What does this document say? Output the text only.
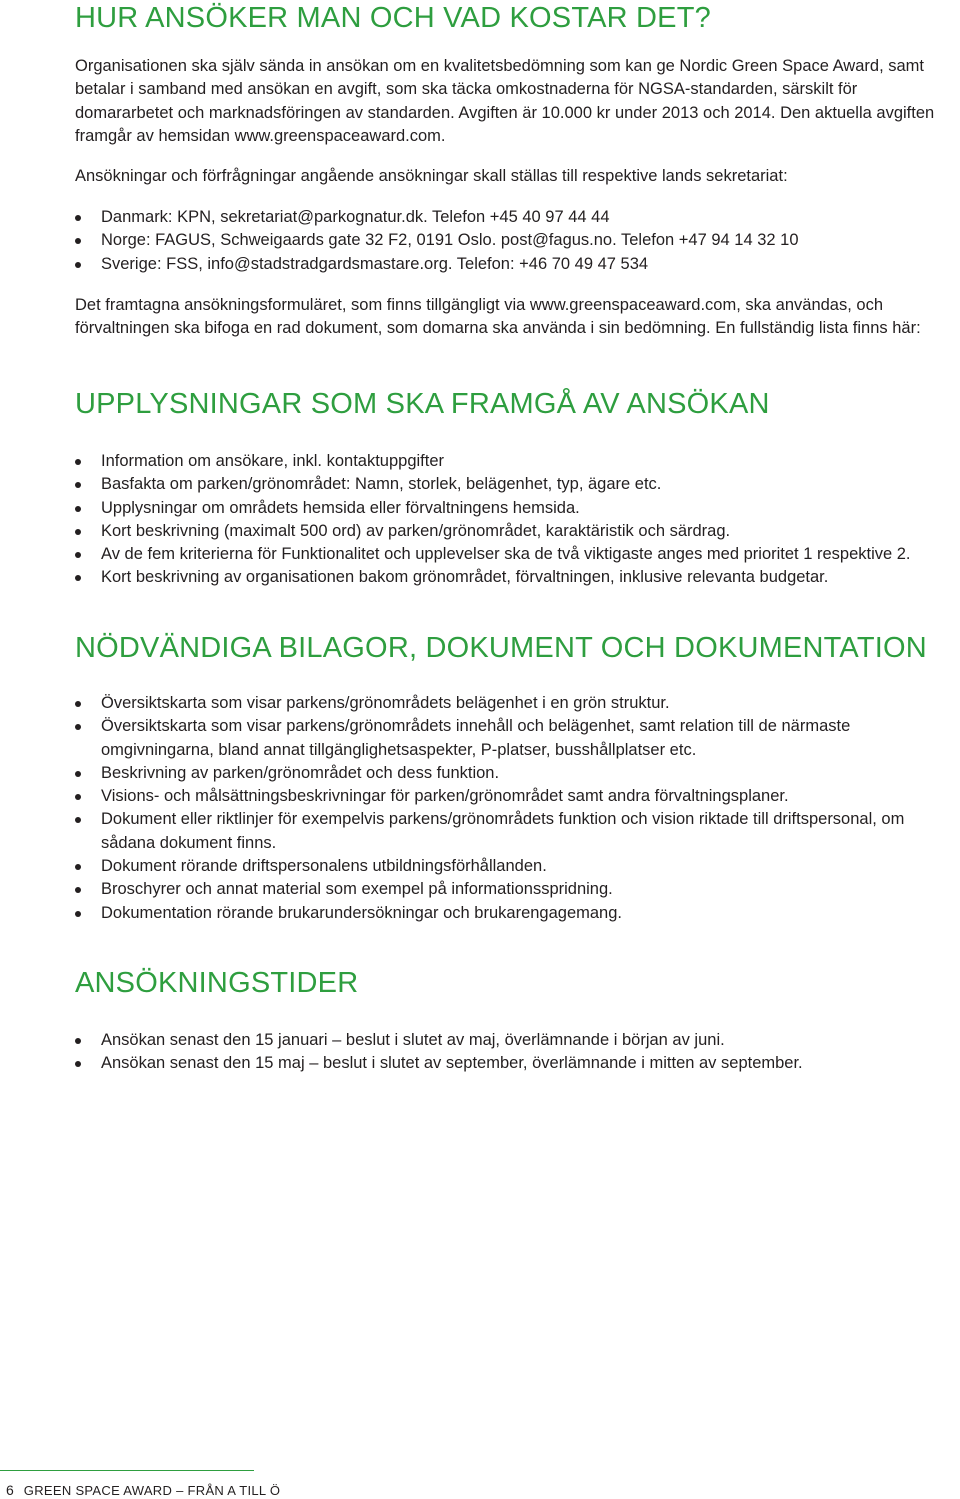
HUR ANSÖKER MAN OCH VAD KOSTAR DET?

Organisationen ska själv sända in ansökan om en kvalitetsbedömning som kan ge Nordic Green Space Award, samt betalar i samband med ansökan en avgift, som ska täcka omkostnaderna för NGSA-standarden, särskilt för domararbetet och marknadsföringen av standarden. Avgiften är 10.000 kr under 2013 och 2014. Den aktuella avgiften framgår av hemsidan www.greenspaceaward.com.

Ansökningar och förfrågningar angående ansökningar skall ställas till respektive lands sekretariat:

Danmark: KPN, sekretariat@parkognatur.dk. Telefon +45 40 97 44 44
Norge: FAGUS, Schweigaards gate 32 F2, 0191 Oslo. post@fagus.no. Telefon +47 94 14 32 10
Sverige: FSS, info@stadstradgardsmastare.org. Telefon: +46 70 49 47 534

Det framtagna ansökningsformuläret, som finns tillgängligt via www.greenspaceaward.com, ska användas, och förvaltningen ska bifoga en rad dokument, som domarna ska använda i sin bedömning. En fullständig lista finns här:

UPPLYSNINGAR SOM SKA FRAMGÅ AV ANSÖKAN
Information om ansökare, inkl. kontaktuppgifter
Basfakta om parken/grönområdet: Namn, storlek, belägenhet, typ, ägare etc.
Upplysningar om områdets hemsida eller förvaltningens hemsida.
Kort beskrivning (maximalt 500 ord) av parken/grönområdet, karaktäristik och särdrag.
Av de fem kriterierna för Funktionalitet och upplevelser ska de två viktigaste anges med prioritet 1 respektive 2.
Kort beskrivning av organisationen bakom grönområdet, förvaltningen, inklusive relevanta budgetar.
NÖDVÄNDIGA BILAGOR, DOKUMENT OCH DOKUMENTATION
Översiktskarta som visar parkens/grönområdets belägenhet i en grön struktur.
Översiktskarta som visar parkens/grönområdets innehåll och belägenhet, samt relation till de närmaste omgivningarna, bland annat tillgänglighetsaspekter, P-platser, busshållplatser etc.
Beskrivning av parken/grönområdet och dess funktion.
Visions- och målsättningsbeskrivningar för parken/grönområdet samt andra förvaltningsplaner.
Dokument eller riktlinjer för exempelvis parkens/grönområdets funktion och vision riktade till driftspersonal, om sådana dokument finns.
Dokument rörande driftspersonalens utbildningsförhållanden.
Broschyrer och annat material som exempel på informationsspridning.
Dokumentation rörande brukarundersökningar och brukarengagemang.
ANSÖKNINGSTIDER
Ansökan senast den 15 januari – beslut i slutet av maj, överlämnande i början av juni.
Ansökan senast den 15 maj – beslut i slutet av september, överlämnande i mitten av september.
6 GREEN SPACE AWARD – FRÅN A TILL Ö
